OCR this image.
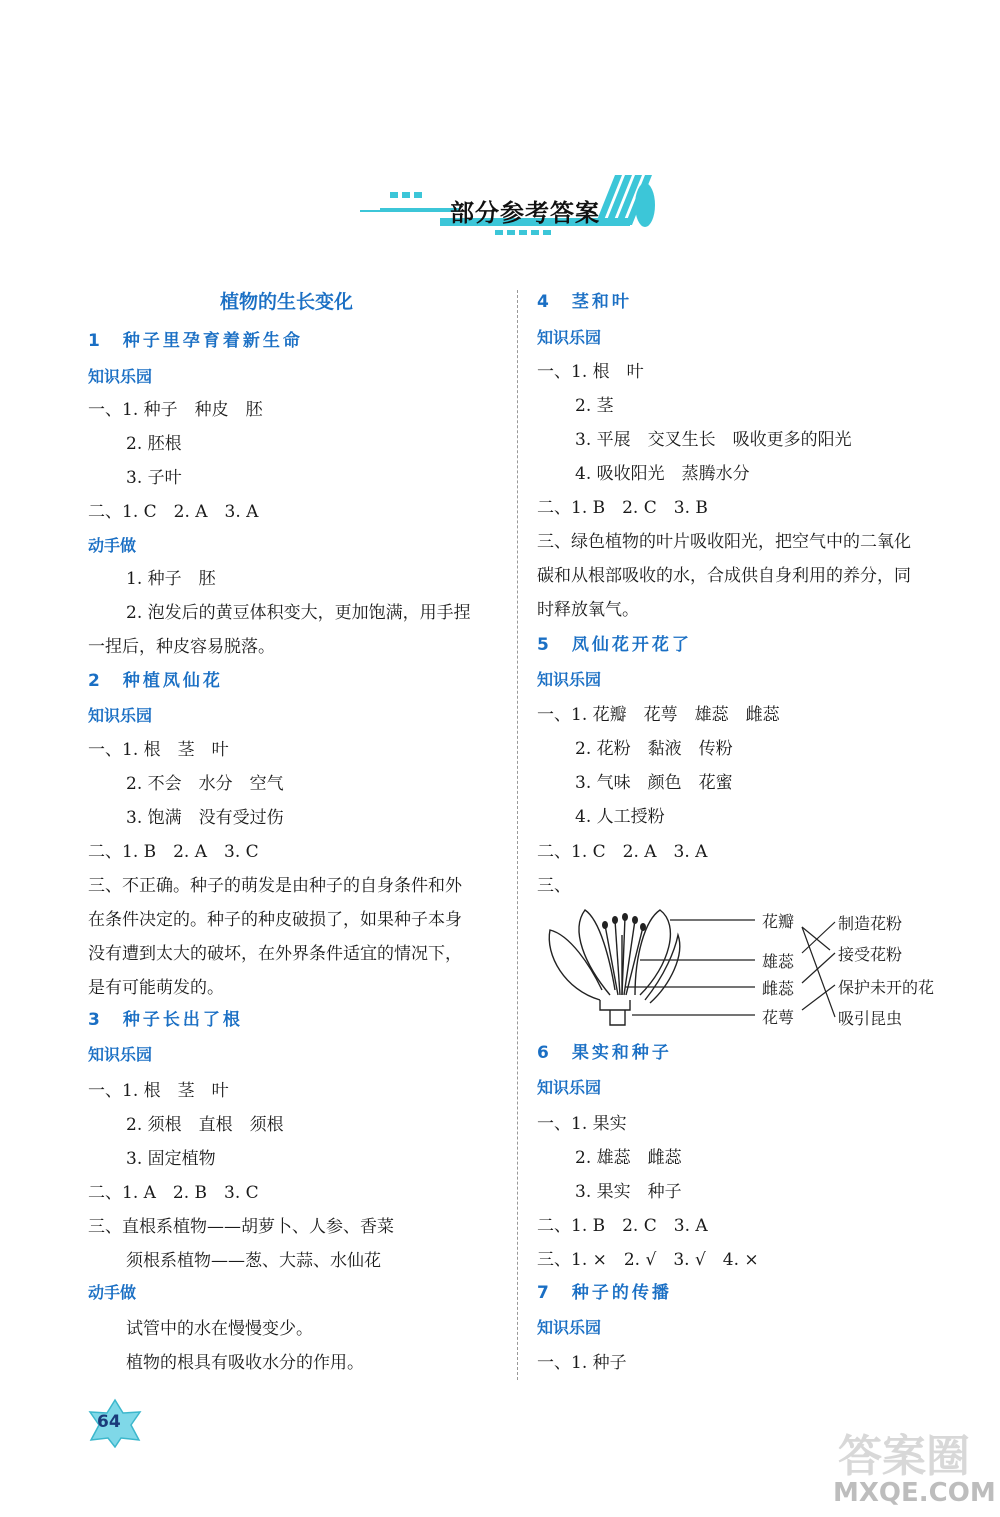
部分参考答案
植物的生长变化
1　种子里孕育着新生命
知识乐园
一、1. 种子　种皮　胚
2. 胚根
3. 子叶
二、1. C　2. A　3. A
动手做
1. 种子　胚
2. 泡发后的黄豆体积变大，更加饱满，用手捏
一捏后，种皮容易脱落。
2　种植凤仙花
知识乐园
一、1. 根　茎　叶
2. 不会　水分　空气
3. 饱满　没有受过伤
二、1. B　2. A　3. C
三、不正确。种子的萌发是由种子的自身条件和外
在条件决定的。种子的种皮破损了，如果种子本身
没有遭到太大的破坏，在外界条件适宜的情况下，
是有可能萌发的。
3　种子长出了根
知识乐园
一、1. 根　茎　叶
2. 须根　直根　须根
3. 固定植物
二、1. A　2. B　3. C
三、直根系植物——胡萝卜、人参、香菜
须根系植物——葱、大蒜、水仙花
动手做
试管中的水在慢慢变少。
植物的根具有吸收水分的作用。
4　茎和叶
知识乐园
一、1. 根　叶
2. 茎
3. 平展　交叉生长　吸收更多的阳光
4. 吸收阳光　蒸腾水分
二、1. B　2. C　3. B
三、绿色植物的叶片吸收阳光，把空气中的二氧化
碳和从根部吸收的水，合成供自身利用的养分，同
时释放氧气。
5　凤仙花开花了
知识乐园
一、1. 花瓣　花萼　雄蕊　雌蕊
2. 花粉　黏液　传粉
3. 气味　颜色　花蜜
4. 人工授粉
二、1. C　2. A　3. A
三、
6　果实和种子
知识乐园
一、1. 果实
2. 雄蕊　雌蕊
3. 果实　种子
二、1. B　2. C　3. A
三、1. ×　2. √　3. √　4. ×
7　种子的传播
知识乐园
一、1. 种子
花瓣
雄蕊
雌蕊
花萼
制造花粉
接受花粉
保护未开的花
吸引昆虫
64
答案圈
MXQE.COM
